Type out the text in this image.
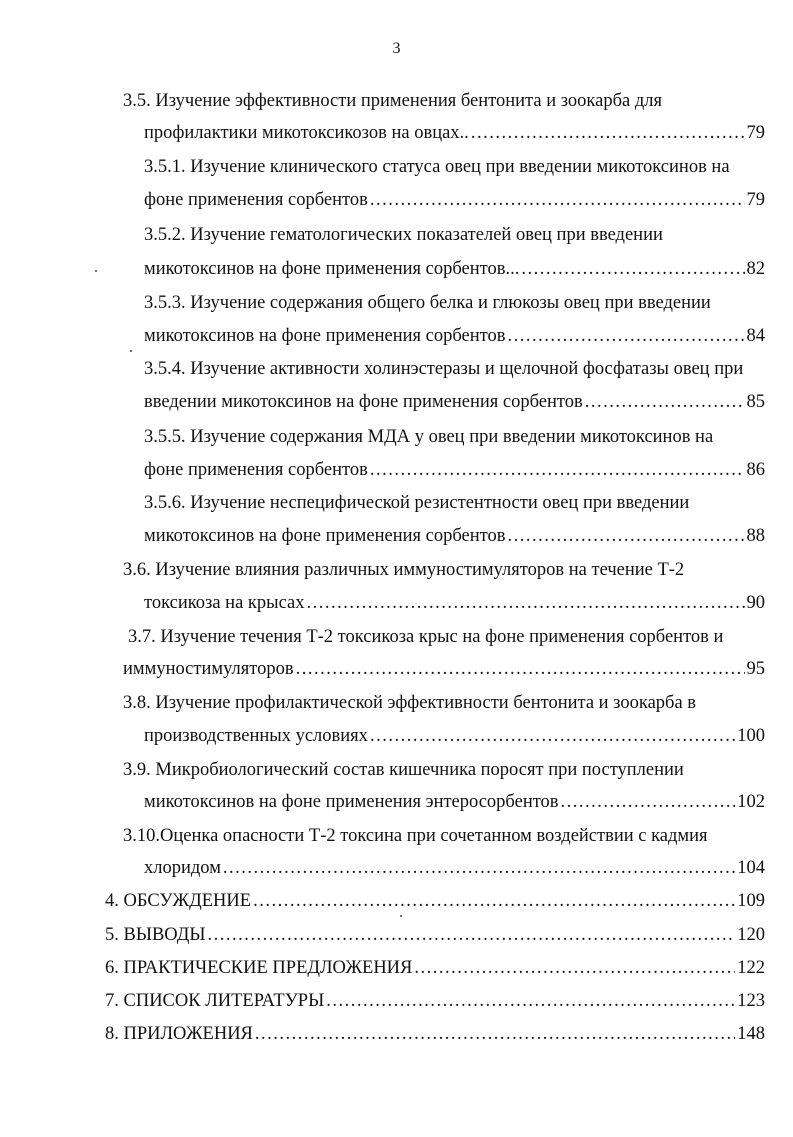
3
3.5. Изучение эффективности применения бентонита и зоокарба для
профилактики микотоксикозов на овцах.. .....	79
3.5.1. Изучение клинического статуса овец при введении микотоксинов на
фоне применения сорбентов .....	79
3.5.2. Изучение гематологических показателей овец при введении
микотоксинов на фоне применения сорбентов... .....	82
3.5.3. Изучение содержания общего белка и глюкозы овец при введении
микотоксинов на фоне применения сорбентов .....	84
3.5.4. Изучение активности холинэстеразы и щелочной фосфатазы овец при
введении микотоксинов на фоне применения сорбентов .....	85
3.5.5. Изучение содержания МДА у овец при введении микотоксинов на
фоне применения сорбентов .....	86
3.5.6. Изучение неспецифической резистентности овец при введении
микотоксинов на фоне применения сорбентов .....	88
3.6. Изучение влияния различных иммуностимуляторов на течение Т-2
токсикоза на крысах .....	90
3.7. Изучение течения Т-2 токсикоза крыс на фоне применения сорбентов и
иммуностимуляторов .....	95
3.8. Изучение профилактической эффективности бентонита и зоокарба в
производственных условиях .....	100
3.9. Микробиологический состав кишечника поросят при поступлении
микотоксинов на фоне применения энтеросорбентов .....	102
3.10.Оценка опасности Т-2 токсина при сочетанном воздействии с кадмия
хлоридом .....	104
4. ОБСУЖДЕНИЕ .....	109
5. ВЫВОДЫ .....	120
6. ПРАКТИЧЕСКИЕ ПРЕДЛОЖЕНИЯ .....	122
7. СПИСОК ЛИТЕРАТУРЫ .....	123
8. ПРИЛОЖЕНИЯ .....	148
